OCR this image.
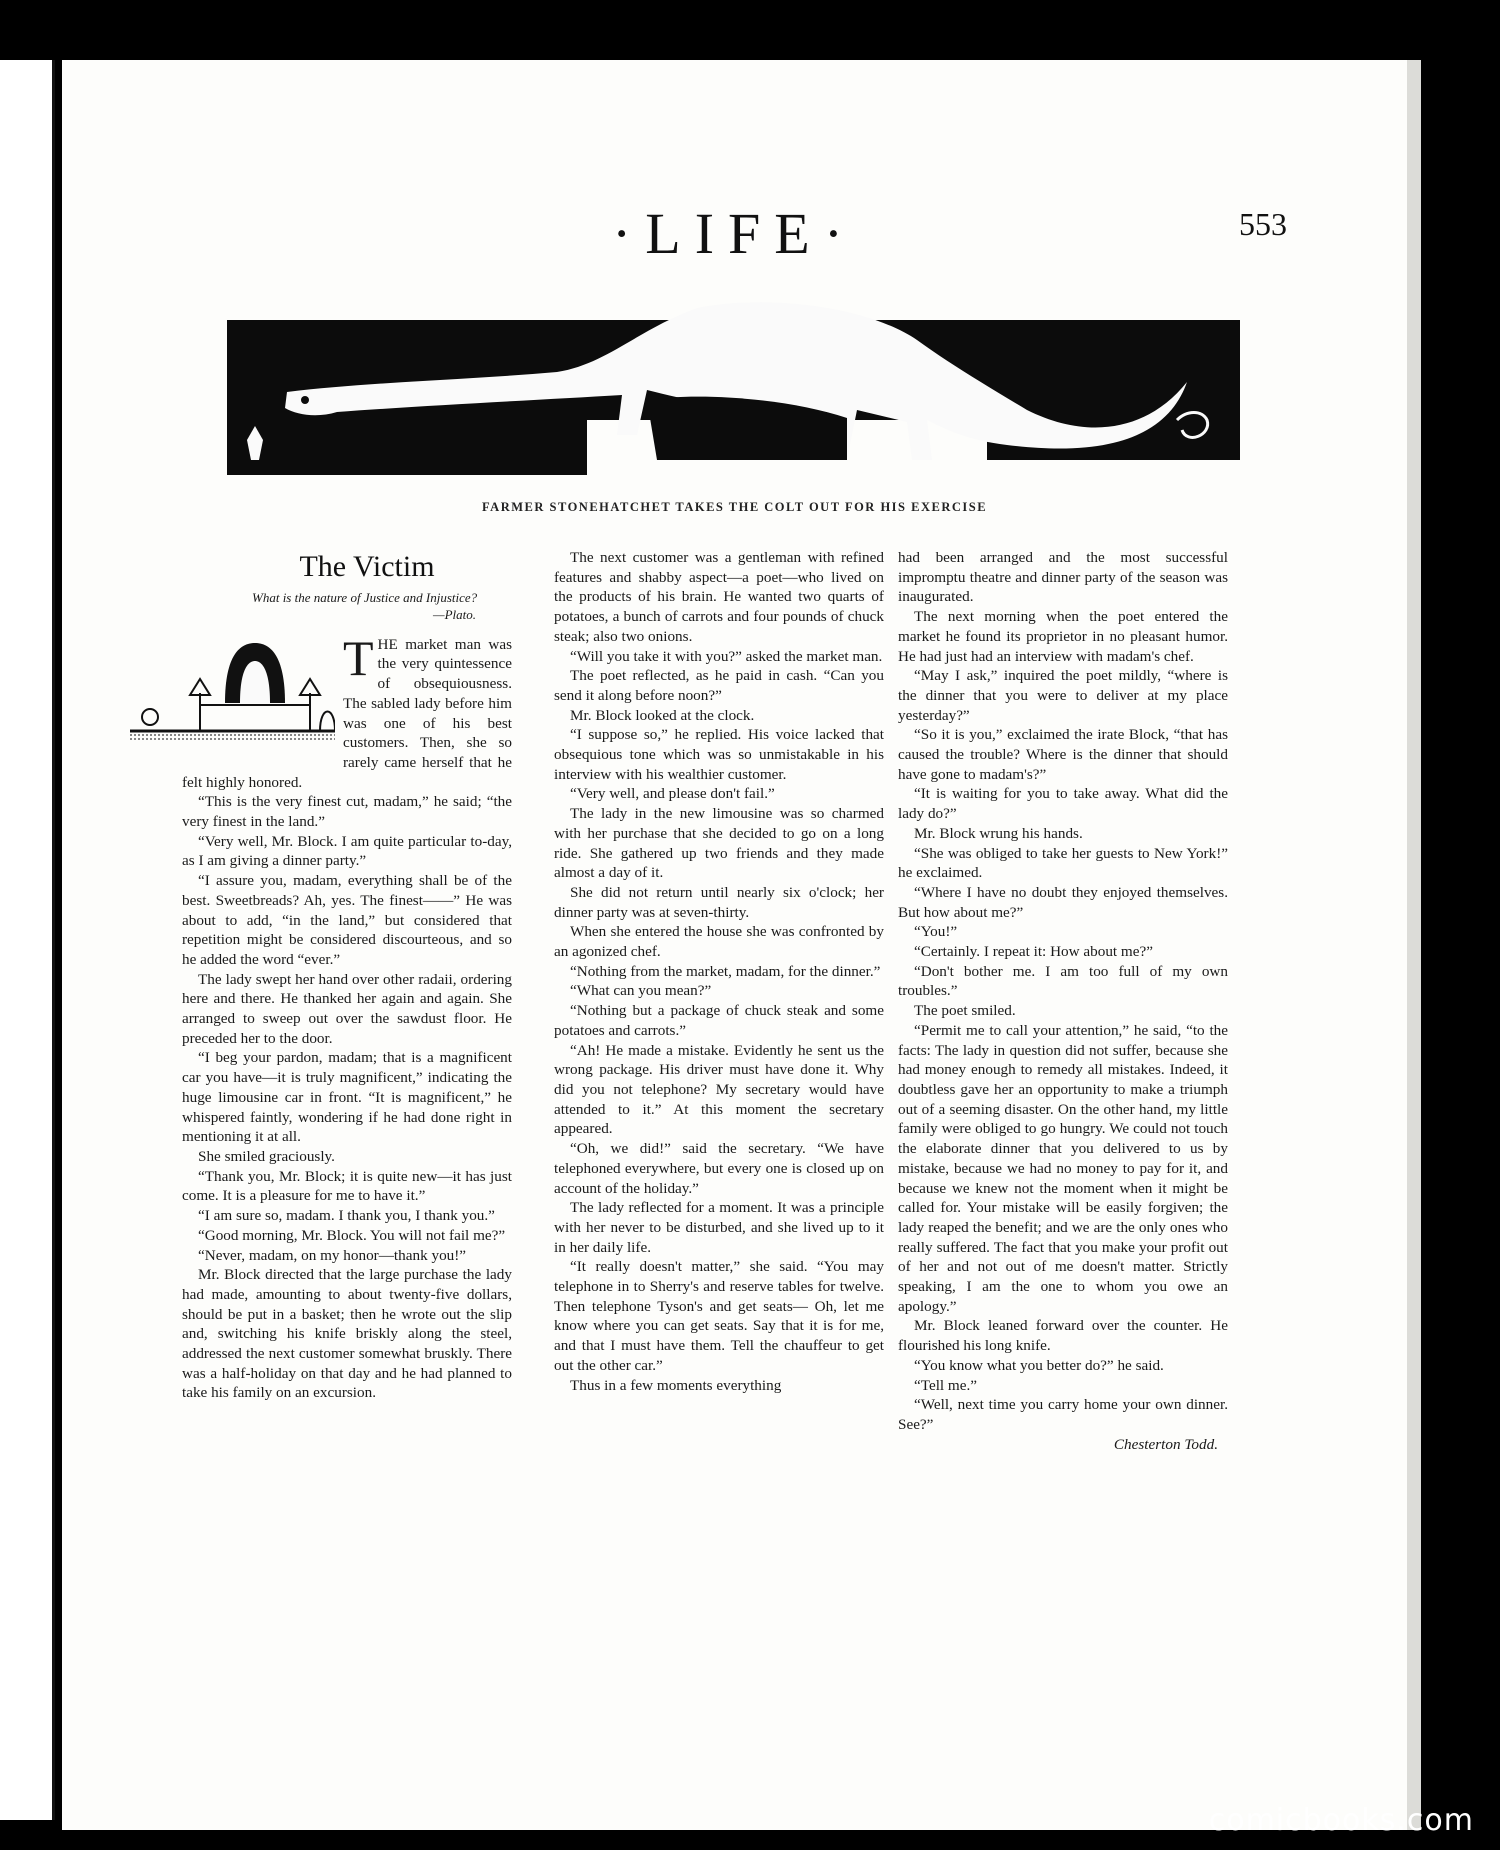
·LIFE·	553
FARMER STONEHATCHET TAKES THE COLT OUT FOR HIS EXERCISE
The Victim
What is the nature of Justice and Injustice?
—Plato.

THE market man was the very quintessence of obsequiousness. The sabled lady before him was one of his best customers. Then, she so rarely came herself that he felt highly honored.

“This is the very finest cut, madam,” he said; “the very finest in the land.”

“Very well, Mr. Block. I am quite particular to-day, as I am giving a dinner party.”

“I assure you, madam, everything shall be of the best. Sweetbreads? Ah, yes. The finest——” He was about to add, “in the land,” but considered that repetition might be considered discourteous, and so he added the word “ever.”

The lady swept her hand over other radaii, ordering here and there. He thanked her again and again. She arranged to sweep out over the sawdust floor. He preceded her to the door.

“I beg your pardon, madam; that is a magnificent car you have—it is truly magnificent,” indicating the huge limousine car in front. “It is magnificent,” he whispered faintly, wondering if he had done right in mentioning it at all.

She smiled graciously.

“Thank you, Mr. Block; it is quite new—it has just come. It is a pleasure for me to have it.”

“I am sure so, madam. I thank you, I thank you.”

“Good morning, Mr. Block. You will not fail me?”

“Never, madam, on my honor—thank you!”

Mr. Block directed that the large purchase the lady had made, amounting to about twenty-five dollars, should be put in a basket; then he wrote out the slip and, switching his knife briskly along the steel, addressed the next customer somewhat bruskly. There was a half-holiday on that day and he had planned to take his family on an excursion.

The next customer was a gentleman with refined features and shabby aspect—a poet—who lived on the products of his brain. He wanted two quarts of potatoes, a bunch of carrots and four pounds of chuck steak; also two onions.

“Will you take it with you?” asked the market man.

The poet reflected, as he paid in cash. “Can you send it along before noon?”

Mr. Block looked at the clock.

“I suppose so,” he replied. His voice lacked that obsequious tone which was so unmistakable in his interview with his wealthier customer.

“Very well, and please don't fail.”

The lady in the new limousine was so charmed with her purchase that she decided to go on a long ride. She gathered up two friends and they made almost a day of it.

She did not return until nearly six o'clock; her dinner party was at seven-thirty.

When she entered the house she was confronted by an agonized chef.

“Nothing from the market, madam, for the dinner.”

“What can you mean?”

“Nothing but a package of chuck steak and some potatoes and carrots.”

“Ah! He made a mistake. Evidently he sent us the wrong package. His driver must have done it. Why did you not telephone? My secretary would have attended to it.” At this moment the secretary appeared.

“Oh, we did!” said the secretary. “We have telephoned everywhere, but every one is closed up on account of the holiday.”

The lady reflected for a moment. It was a principle with her never to be disturbed, and she lived up to it in her daily life.

“It really doesn't matter,” she said. “You may telephone in to Sherry's and reserve tables for twelve. Then telephone Tyson's and get seats— Oh, let me know where you can get seats. Say that it is for me, and that I must have them. Tell the chauffeur to get out the other car.”

Thus in a few moments everything

had been arranged and the most successful impromptu theatre and dinner party of the season was inaugurated.

The next morning when the poet entered the market he found its proprietor in no pleasant humor. He had just had an interview with madam's chef.

“May I ask,” inquired the poet mildly, “where is the dinner that you were to deliver at my place yesterday?”

“So it is you,” exclaimed the irate Block, “that has caused the trouble? Where is the dinner that should have gone to madam's?”

“It is waiting for you to take away. What did the lady do?”

Mr. Block wrung his hands.

“She was obliged to take her guests to New York!” he exclaimed.

“Where I have no doubt they enjoyed themselves. But how about me?”

“You!”

“Certainly. I repeat it: How about me?”

“Don't bother me. I am too full of my own troubles.”

The poet smiled.

“Permit me to call your attention,” he said, “to the facts: The lady in question did not suffer, because she had money enough to remedy all mistakes. Indeed, it doubtless gave her an opportunity to make a triumph out of a seeming disaster. On the other hand, my little family were obliged to go hungry. We could not touch the elaborate dinner that you delivered to us by mistake, because we had no money to pay for it, and because we knew not the moment when it might be called for. Your mistake will be easily forgiven; the lady reaped the benefit; and we are the only ones who really suffered. The fact that you make your profit out of her and not out of me doesn't matter. Strictly speaking, I am the one to whom you owe an apology.”

Mr. Block leaned forward over the counter. He flourished his long knife.

“You know what you better do?” he said.

“Tell me.”

“Well, next time you carry home your own dinner. See?”

Chesterton Todd.

comicbooks.com
